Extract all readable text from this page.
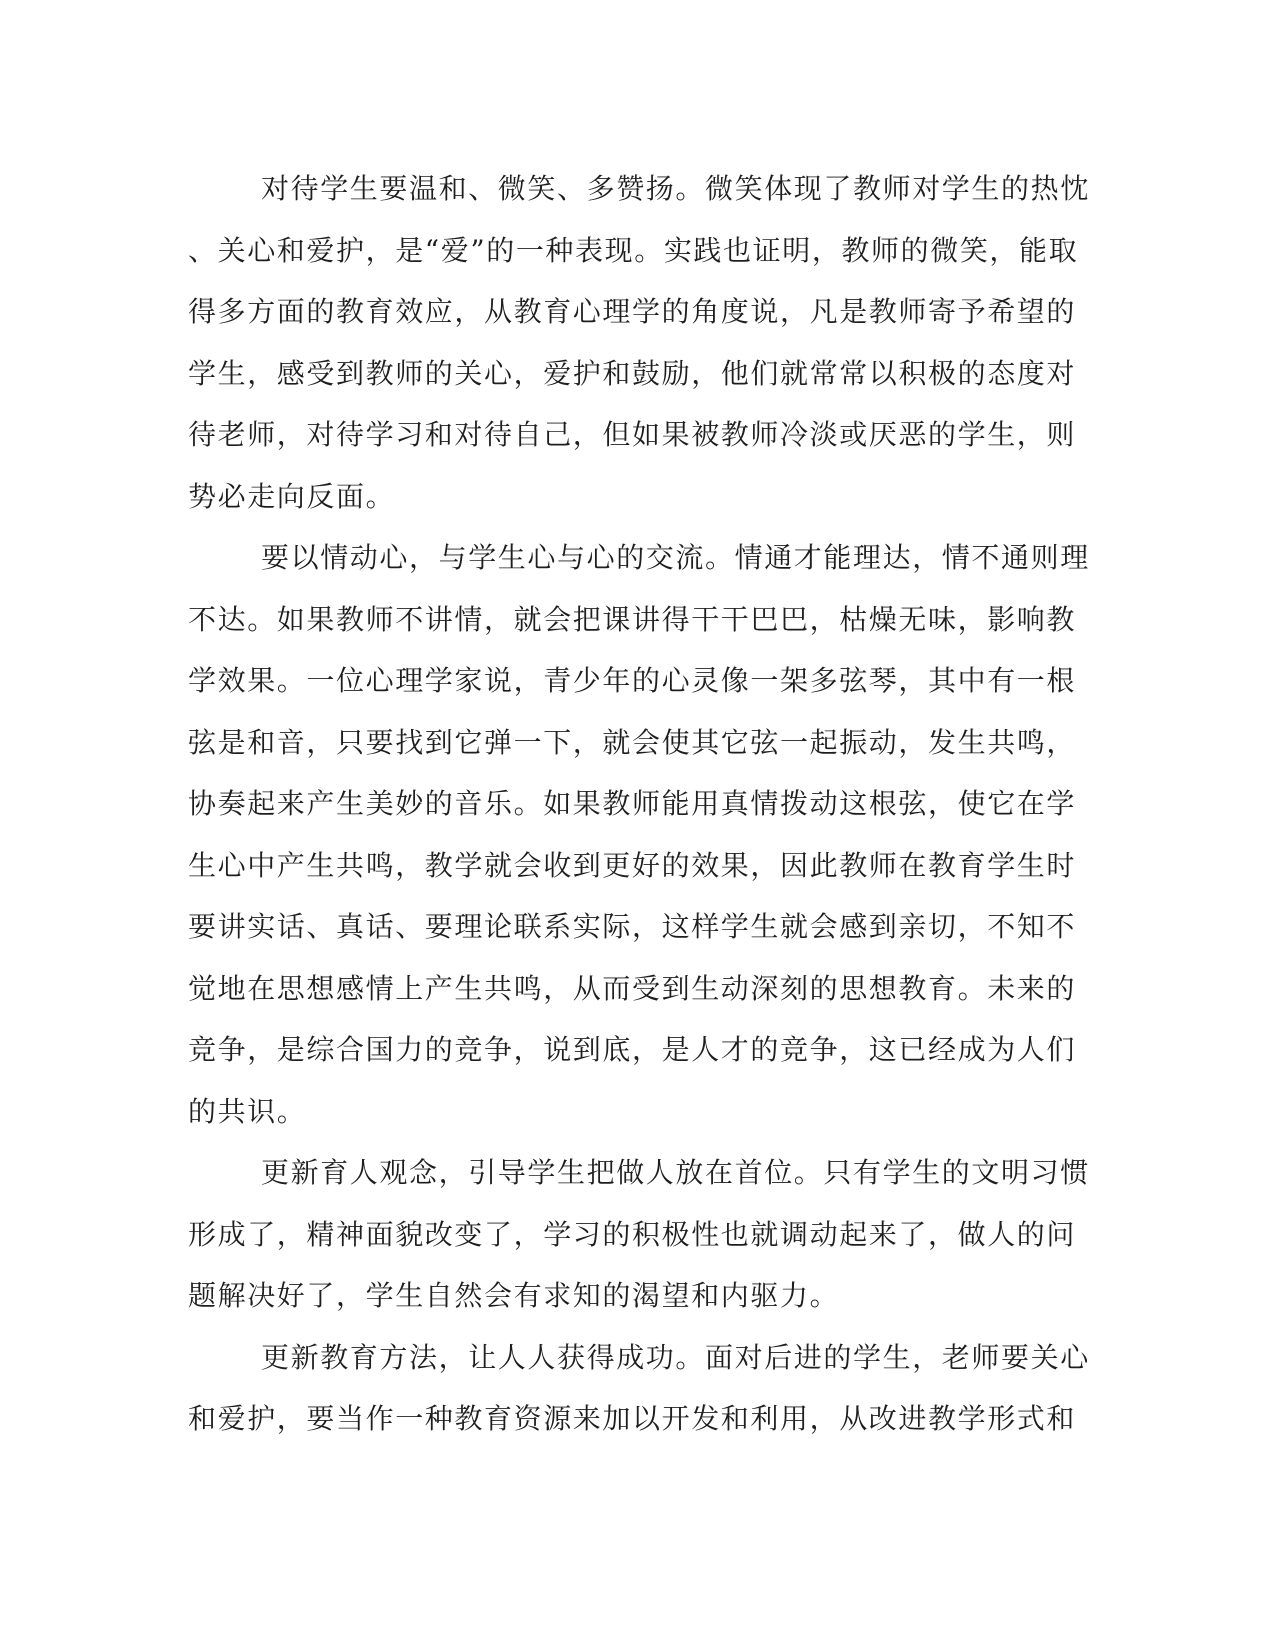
对待学生要温和、微笑、多赞扬。微笑体现了教师对学生的热忱
、关心和爱护，是“爱”的一种表现。实践也证明，教师的微笑，能取
得多方面的教育效应，从教育心理学的角度说，凡是教师寄予希望的
学生，感受到教师的关心，爱护和鼓励，他们就常常以积极的态度对
待老师，对待学习和对待自己，但如果被教师冷淡或厌恶的学生，则
势必走向反面。
要以情动心，与学生心与心的交流。情通才能理达，情不通则理
不达。如果教师不讲情，就会把课讲得干干巴巴，枯燥无味，影响教
学效果。一位心理学家说，青少年的心灵像一架多弦琴，其中有一根
弦是和音，只要找到它弹一下，就会使其它弦一起振动，发生共鸣，
协奏起来产生美妙的音乐。如果教师能用真情拨动这根弦，使它在学
生心中产生共鸣，教学就会收到更好的效果，因此教师在教育学生时
要讲实话、真话、要理论联系实际，这样学生就会感到亲切，不知不
觉地在思想感情上产生共鸣，从而受到生动深刻的思想教育。未来的
竞争，是综合国力的竞争，说到底，是人才的竞争，这已经成为人们
的共识。
更新育人观念，引导学生把做人放在首位。只有学生的文明习惯
形成了，精神面貌改变了，学习的积极性也就调动起来了，做人的问
题解决好了，学生自然会有求知的渴望和内驱力。
更新教育方法，让人人获得成功。面对后进的学生，老师要关心
和爱护，要当作一种教育资源来加以开发和利用，从改进教学形式和
